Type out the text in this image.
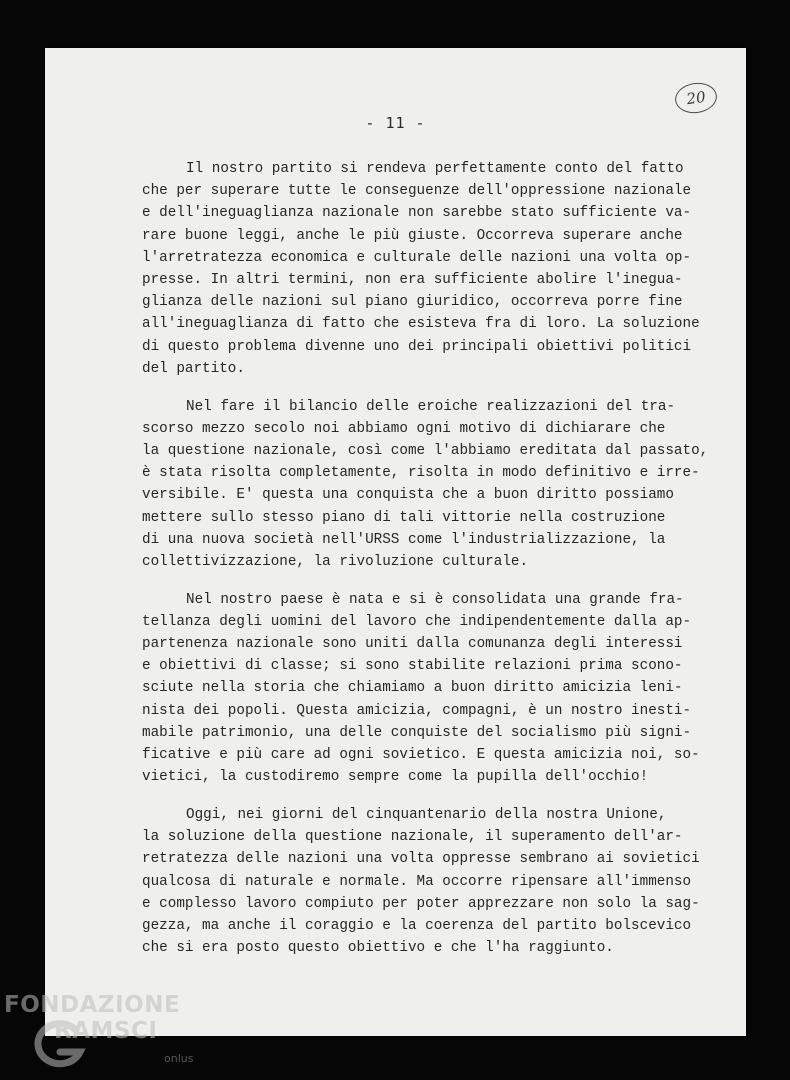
20

- 11 -

Il nostro partito si rendeva perfettamente conto del fatto
che per superare tutte le conseguenze dell'oppressione nazionale
e dell'ineguaglianza nazionale non sarebbe stato sufficiente va-
rare buone leggi, anche le più giuste. Occorreva superare anche
l'arretratezza economica e culturale delle nazioni una volta op-
presse. In altri termini, non era sufficiente abolire l'inegua-
glianza delle nazioni sul piano giuridico, occorreva porre fine
all'ineguaglianza di fatto che esisteva fra di loro. La soluzione
di questo problema divenne uno dei principali obiettivi politici
del partito.

Nel fare il bilancio delle eroiche realizzazioni del tra-
scorso mezzo secolo noi abbiamo ogni motivo di dichiarare che
la questione nazionale, così come l'abbiamo ereditata dal passato,
è stata risolta completamente, risolta in modo definitivo e irre-
versibile. E' questa una conquista che a buon diritto possiamo
mettere sullo stesso piano di tali vittorie nella costruzione
di una nuova società nell'URSS come l'industrializzazione, la
collettivizzazione, la rivoluzione culturale.

Nel nostro paese è nata e si è consolidata una grande fra-
tellanza degli uomini del lavoro che indipendentemente dalla ap-
partenenza nazionale sono uniti dalla comunanza degli interessi
e obiettivi di classe; si sono stabilite relazioni prima scono-
sciute nella storia che chiamiamo a buon diritto amicizia leni-
nista dei popoli. Questa amicizia, compagni, è un nostro inesti-
mabile patrimonio, una delle conquiste del socialismo più signi-
ficative e più care ad ogni sovietico. E questa amicizia noi, so-
vietici, la custodiremo sempre come la pupilla dell'occhio!

Oggi, nei giorni del cinquantenario della nostra Unione,
la soluzione della questione nazionale, il superamento dell'ar-
retratezza delle nazioni una volta oppresse sembrano ai sovietici
qualcosa di naturale e normale. Ma occorre ripensare all'immenso
e complesso lavoro compiuto per poter apprezzare non solo la sag-
gezza, ma anche il coraggio e la coerenza del partito bolscevico
che si era posto questo obiettivo e che l'ha raggiunto.

FONDAZIONE
RAMSCI
onlus
